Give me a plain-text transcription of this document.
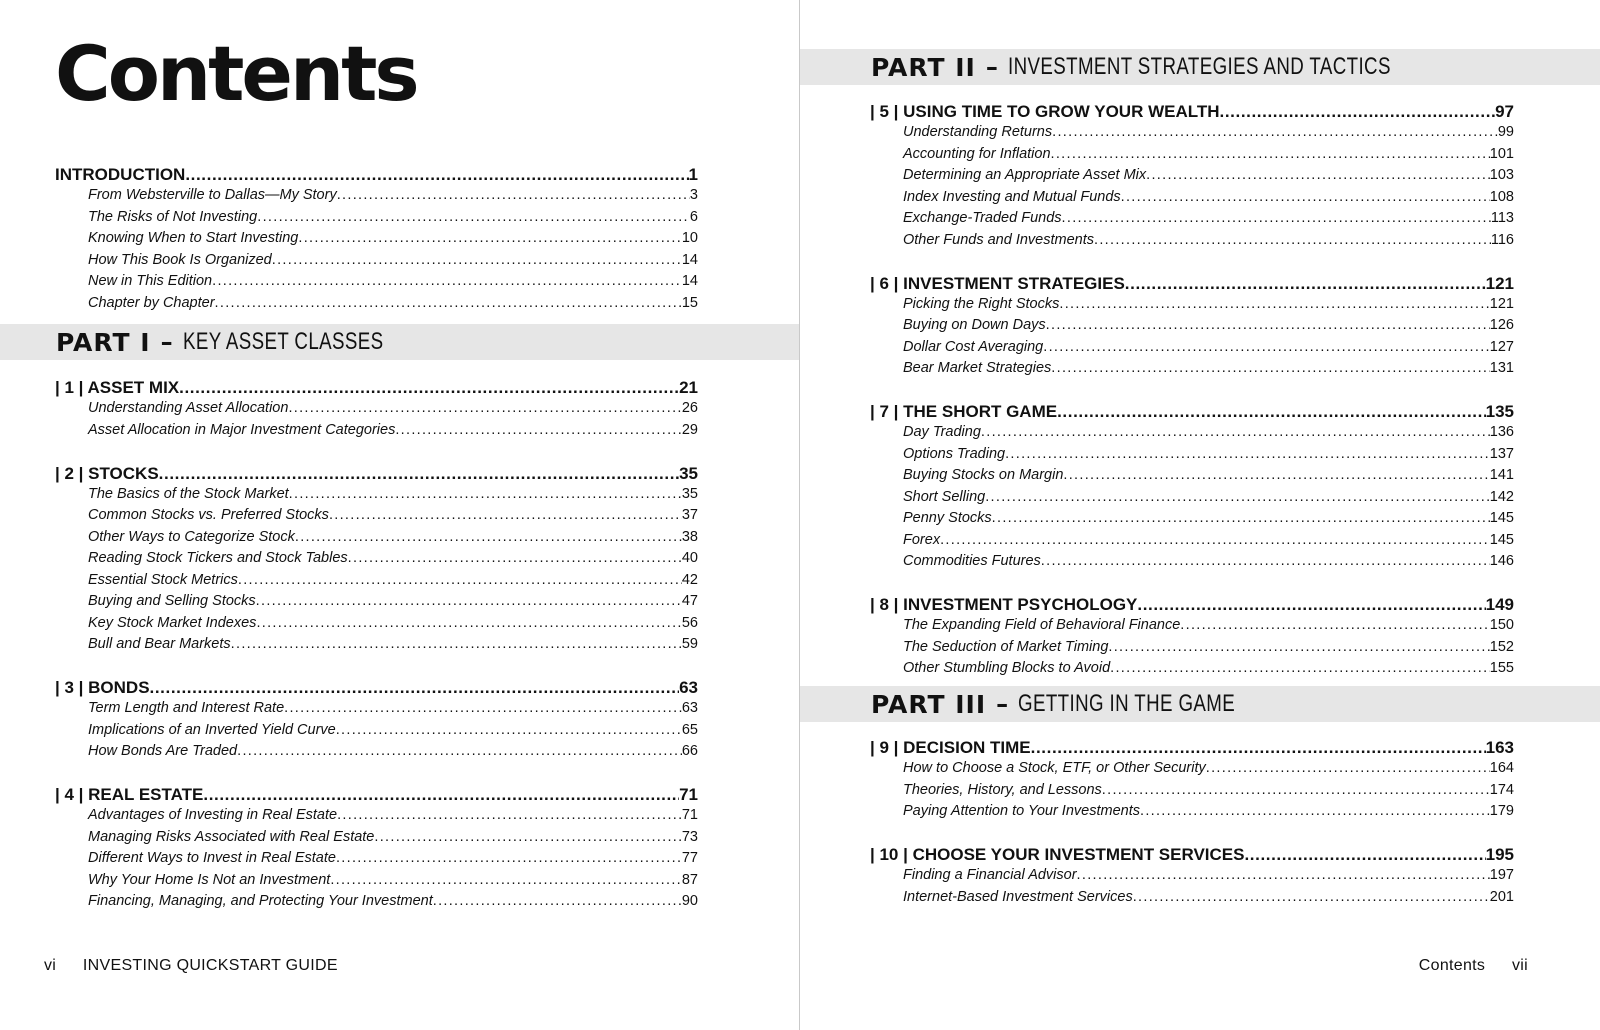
Contents
INTRODUCTION .....	1
From Websterville to Dallas—My Story .....	3
The Risks of Not Investing .....	6
Knowing When to Start Investing .....	10
How This Book Is Organized .....	14
New in This Edition .....	14
Chapter by Chapter .....	15
PART I – KEY ASSET CLASSES
| 1 | ASSET MIX .....	21
Understanding Asset Allocation .....	26
Asset Allocation in Major Investment Categories .....	29
| 2 | STOCKS .....	35
The Basics of the Stock Market .....	35
Common Stocks vs. Preferred Stocks .....	37
Other Ways to Categorize Stock .....	38
Reading Stock Tickers and Stock Tables .....	40
Essential Stock Metrics .....	42
Buying and Selling Stocks .....	47
Key Stock Market Indexes .....	56
Bull and Bear Markets .....	59
| 3 | BONDS .....	63
Term Length and Interest Rate .....	63
Implications of an Inverted Yield Curve .....	65
How Bonds Are Traded .....	66
| 4 | REAL ESTATE .....	71
Advantages of Investing in Real Estate .....	71
Managing Risks Associated with Real Estate .....	73
Different Ways to Invest in Real Estate .....	77
Why Your Home Is Not an Investment .....	87
Financing, Managing, and Protecting Your Investment .....	90
vi INVESTING QUICKSTART GUIDE
PART II – INVESTMENT STRATEGIES AND TACTICS
| 5 | USING TIME TO GROW YOUR WEALTH .....	97
Understanding Returns .....	99
Accounting for Inflation .....	101
Determining an Appropriate Asset Mix .....	103
Index Investing and Mutual Funds .....	108
Exchange-Traded Funds .....	113
Other Funds and Investments .....	116
| 6 | INVESTMENT STRATEGIES .....	121
Picking the Right Stocks .....	121
Buying on Down Days .....	126
Dollar Cost Averaging .....	127
Bear Market Strategies .....	131
| 7 | THE SHORT GAME .....	135
Day Trading .....	136
Options Trading .....	137
Buying Stocks on Margin .....	141
Short Selling .....	142
Penny Stocks .....	145
Forex .....	145
Commodities Futures .....	146
| 8 | INVESTMENT PSYCHOLOGY .....	149
The Expanding Field of Behavioral Finance .....	150
The Seduction of Market Timing .....	152
Other Stumbling Blocks to Avoid .....	155
PART III – GETTING IN THE GAME
| 9 | DECISION TIME .....	163
How to Choose a Stock, ETF, or Other Security .....	164
Theories, History, and Lessons .....	174
Paying Attention to Your Investments .....	179
| 10 | CHOOSE YOUR INVESTMENT SERVICES .....	195
Finding a Financial Advisor .....	197
Internet-Based Investment Services .....	201
Contents vii
